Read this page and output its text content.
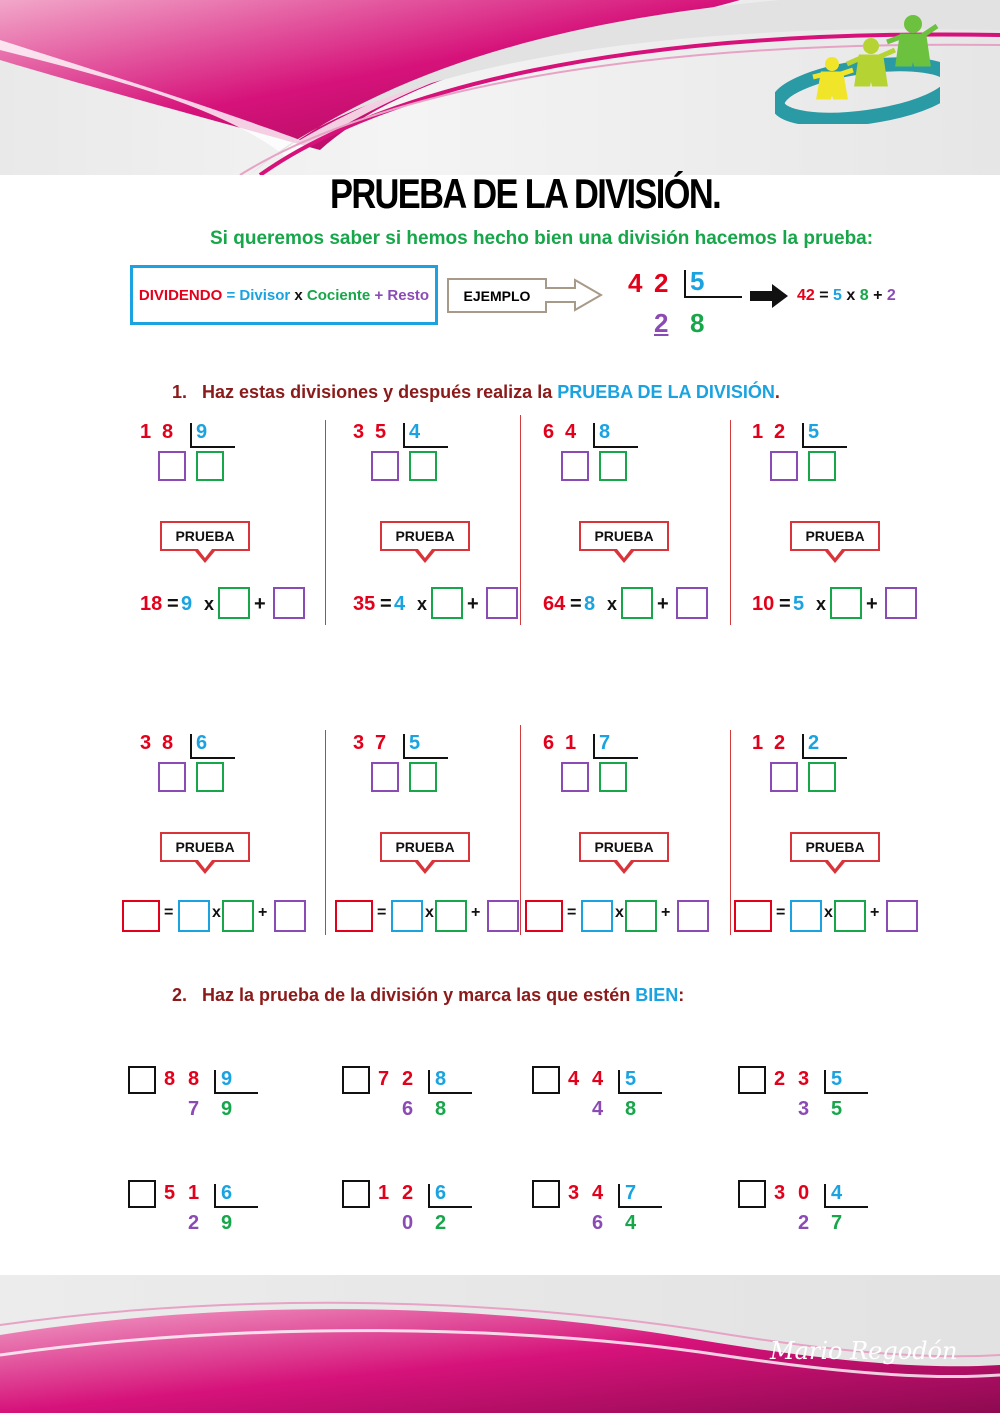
PRUEBA DE LA DIVISIÓN.
Si queremos saber si hemos hecho bien una división hacemos la prueba:
DIVIDENDO
=
Divisor
x
Cociente
+
Resto	EJEMPLO	4 2 5
2 8
42 = 5 x 8 + 2
1. Haz estas divisiones y después realiza la PRUEBA DE LA DIVISIÓN.
1 8 9
PRUEBA
18 = 9 x +
3 5 4
PRUEBA
35 = 4 x +
6 4 8
PRUEBA
64 = 8 x +
1 2 5
PRUEBA
10 = 5 x +
3 8 6
PRUEBA
= x +
3 7 5
PRUEBA
= x +
6 1 7
PRUEBA
= x +
1 2 2
PRUEBA
= x +
2. Haz la prueba de la división y marca las que estén BIEN:
8 8 9
7 9
7 2 8
6 8
4 4 5
4 8
2 3 5
3 5
5 1 6
2 9
1 2 6
0 2
3 4 7
6 4
3 0 4
2 7
Mario Regodón
